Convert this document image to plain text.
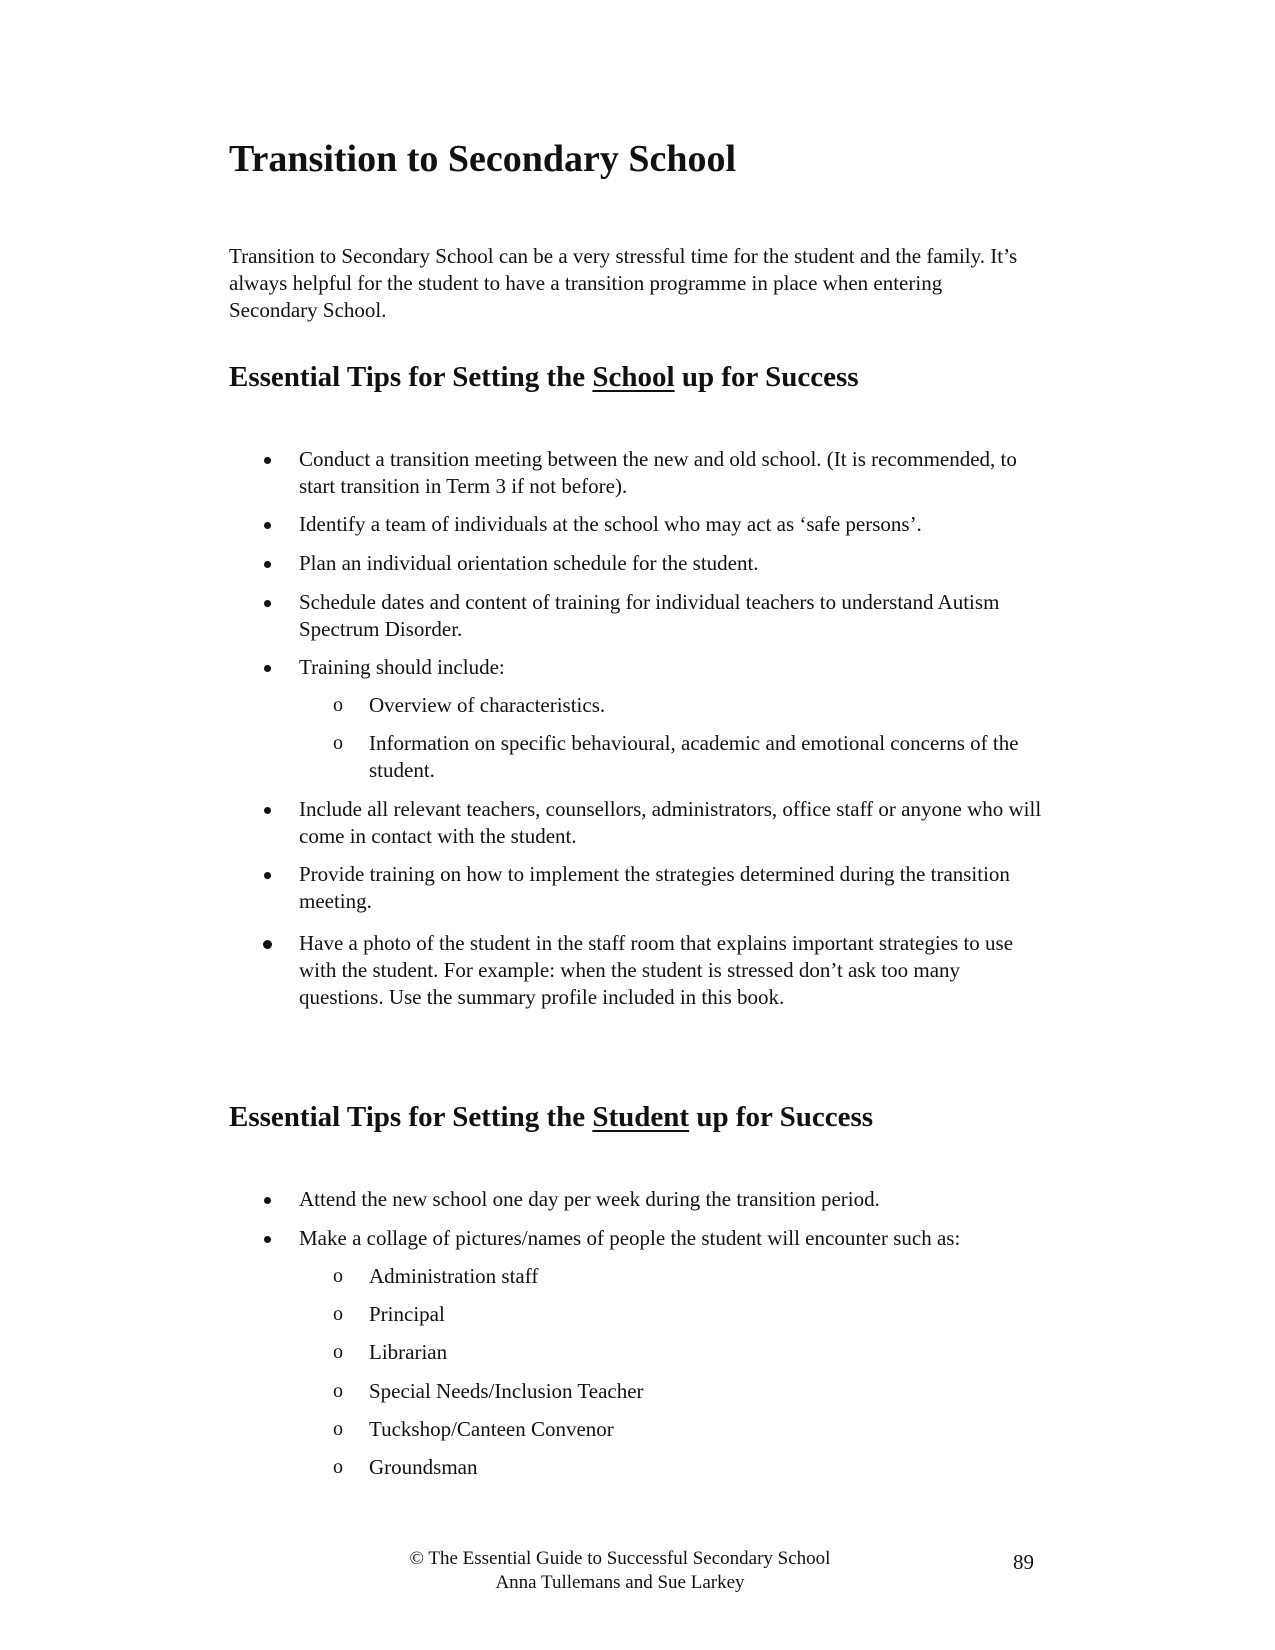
Transition to Secondary School

Transition to Secondary School can be a very stressful time for the student and the family. It’s always helpful for the student to have a transition programme in place when entering Secondary School.

Essential Tips for Setting the School up for Success

Conduct a transition meeting between the new and old school. (It is recommended, to start transition in Term 3 if not before).

Identify a team of individuals at the school who may act as ‘safe persons’.

Plan an individual orientation schedule for the student.

Schedule dates and content of training for individual teachers to understand Autism Spectrum Disorder.

Training should include:

o Overview of characteristics.

o Information on specific behavioural, academic and emotional concerns of the student.

Include all relevant teachers, counsellors, administrators, office staff or anyone who will come in contact with the student.

Provide training on how to implement the strategies determined during the transition meeting.

Have a photo of the student in the staff room that explains important strategies to use with the student. For example: when the student is stressed don’t ask too many questions. Use the summary profile included in this book.

Essential Tips for Setting the Student up for Success

Attend the new school one day per week during the transition period.

Make a collage of pictures/names of people the student will encounter such as:

o Administration staff

o Principal

o Librarian

o Special Needs/Inclusion Teacher

o Tuckshop/Canteen Convenor

o Groundsman

© The Essential Guide to Successful Secondary School
Anna Tullemans and Sue Larkey
89
